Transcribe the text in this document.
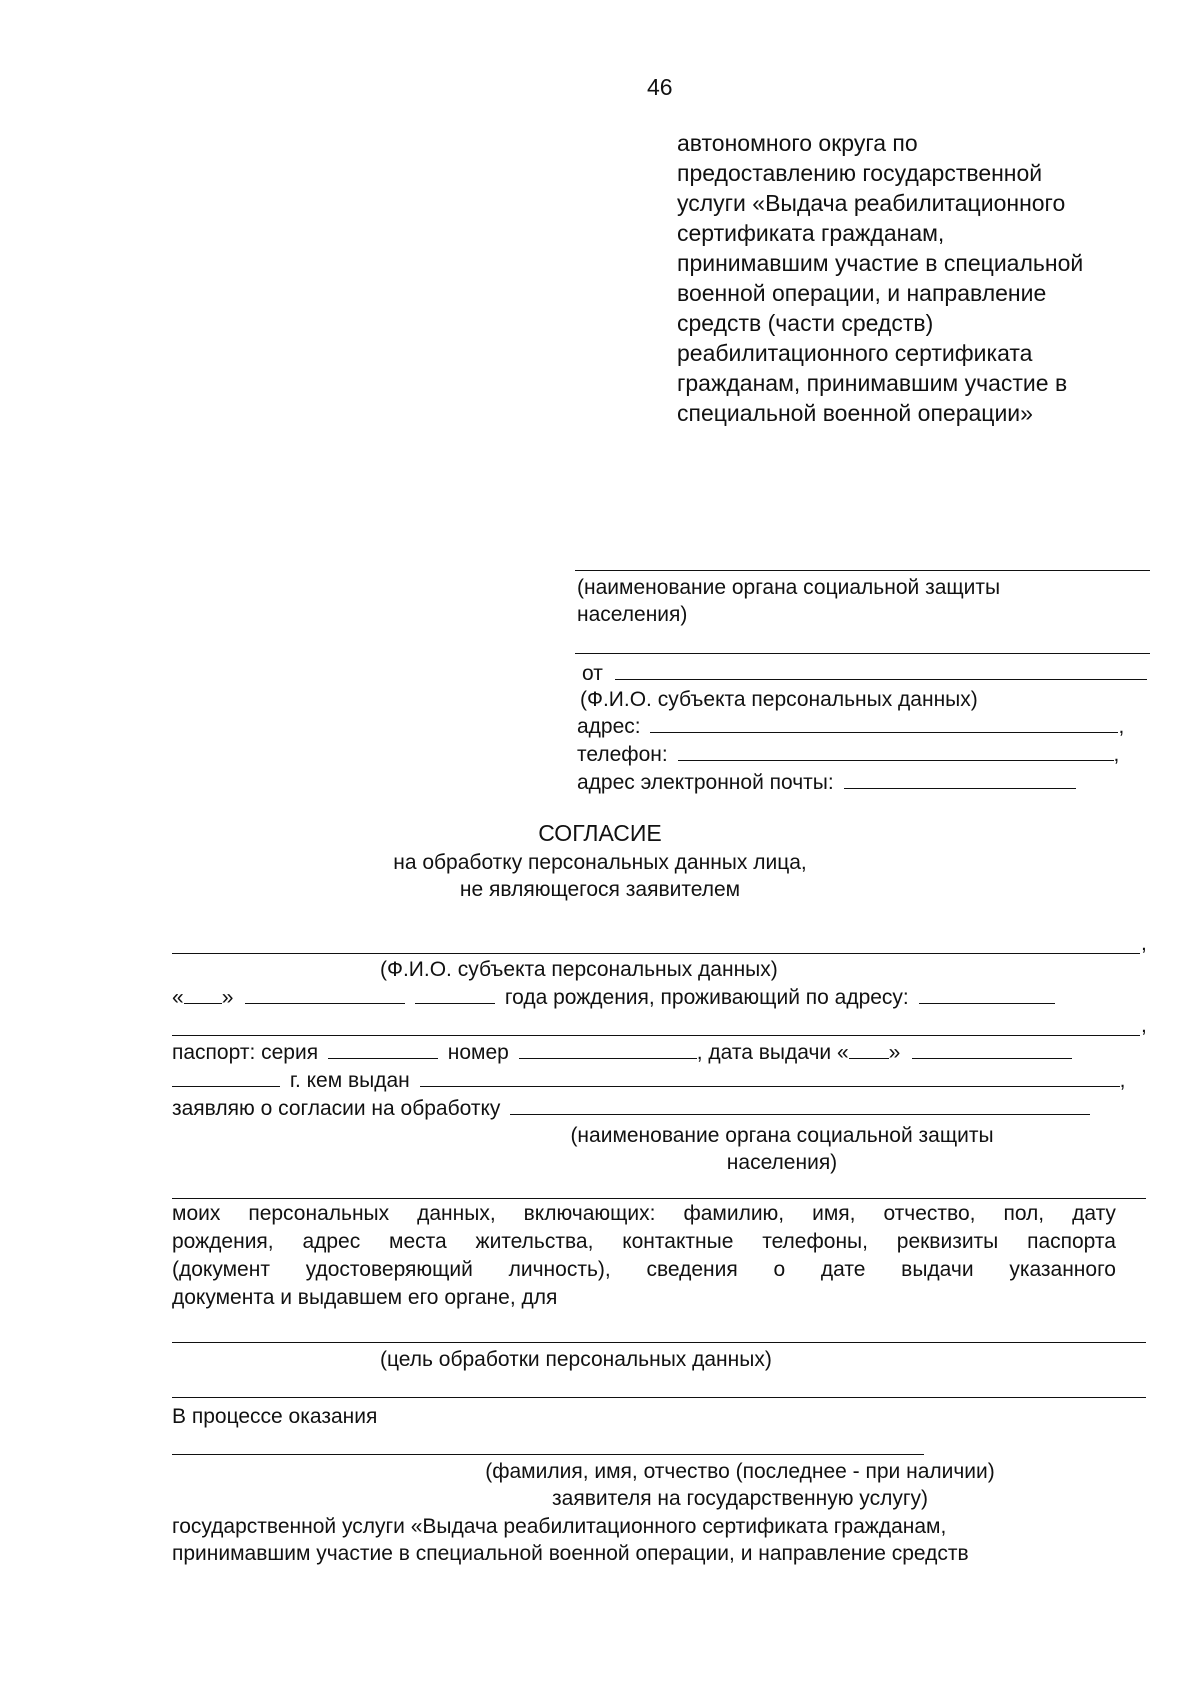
46
автономного округа по
предоставлению государственной
услуги «Выдача реабилитационного
сертификата гражданам,
принимавшим участие в специальной
военной операции, и направление
средств (части средств)
реабилитационного сертификата
гражданам, принимавшим участие в
специальной военной операции»
(наименование органа социальной защиты
населения)
от
(Ф.И.О. субъекта персональных данных)
адрес:	,
телефон:	,
адрес электронной почты:
СОГЛАСИЕ
на обработку персональных данных лица,
не являющегося заявителем
,
(Ф.И.О. субъекта персональных данных)
« »	года рождения, проживающий по адресу:
,
паспорт: серия	номер	, дата выдачи « »
г. кем выдан	,
заявляю о согласии на обработку
(наименование органа социальной защиты
населения)
моих персональных данных, включающих: фамилию, имя, отчество, пол, дату
рождения, адрес места жительства, контактные телефоны, реквизиты паспорта
(документ удостоверяющий личность), сведения о дате выдачи указанного
документа и выдавшем его органе, для
(цель обработки персональных данных)
В процессе оказания
(фамилия, имя, отчество (последнее - при наличии)
заявителя на государственную услугу)
государственной услуги «Выдача реабилитационного сертификата гражданам,
принимавшим участие в специальной военной операции, и направление средств
